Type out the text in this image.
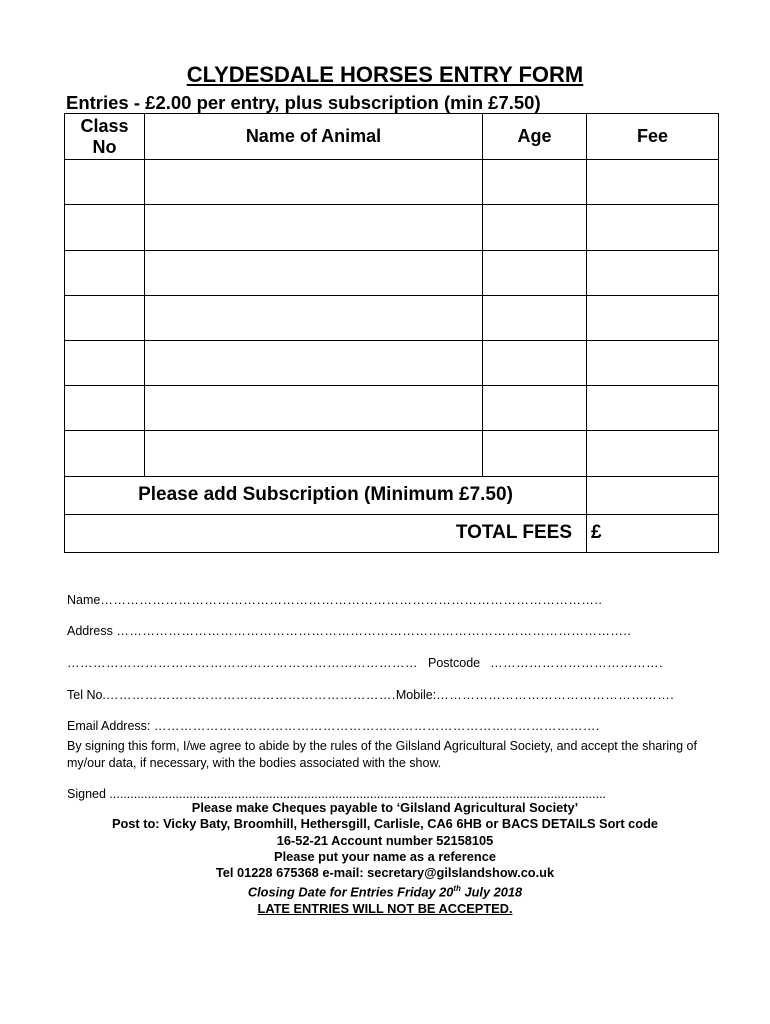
CLYDESDALE HORSES ENTRY FORM
Entries - £2.00 per entry, plus subscription (min £7.50)
Class
No	Name of Animal	Age	Fee

Please add Subscription (Minimum £7.50)			
TOTAL FEES			£
Name……………………………………………………………………………………………………..
Address ………………………………………………………………………………………………………..
……………………………………………………………………… Postcode ………………………………….
Tel No.………………………………………………………….Mobile:……………………………………………….
Email Address: ………………………………………………………………………………………….
By signing this form, I/we agree to abide by the rules of the Gilsland Agricultural Society, and accept the sharing of my/our data, if necessary, with the bodies associated with the show.
Signed ...............................................................................................................................................
Please make Cheques payable to ‘Gilsland Agricultural Society’
Post to: Vicky Baty, Broomhill, Hethersgill, Carlisle, CA6 6HB or BACS DETAILS Sort code
16-52-21 Account number 52158105
Please put your name as a reference
Tel 01228 675368 e-mail: secretary@gilslandshow.co.uk
Closing Date for Entries Friday 20th July 2018
LATE ENTRIES WILL NOT BE ACCEPTED.
